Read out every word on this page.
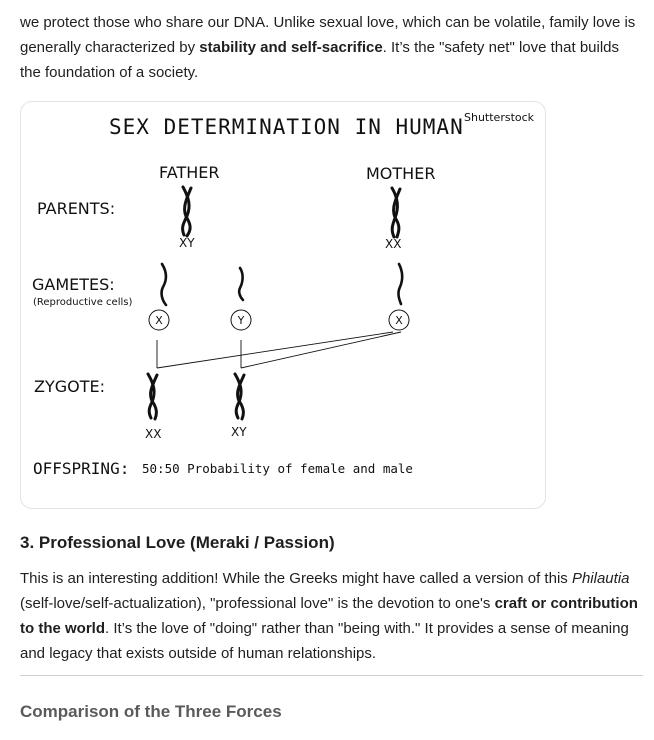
we protect those who share our DNA. Unlike sexual love, which can be volatile, family love is generally characterized by stability and self-sacrifice. It’s the "safety net" love that builds the foundation of a society.

SEX DETERMINATION IN HUMAN Shutterstock
FATHER	MOTHER
PARENTS:
XY	XX
GAMETES:
(Reproductive cells)
X	Y	X
ZYGOTE:
XX	XY
OFFSPRING: 50:50 Probability of female and male
3. Professional Love (Meraki / Passion)

This is an interesting addition! While the Greeks might have called a version of this Philautia (self-love/self-actualization), "professional love" is the devotion to one's craft or contribution to the world. It’s the love of "doing" rather than "being with." It provides a sense of meaning and legacy that exists outside of human relationships.

Comparison of the Three Forces
